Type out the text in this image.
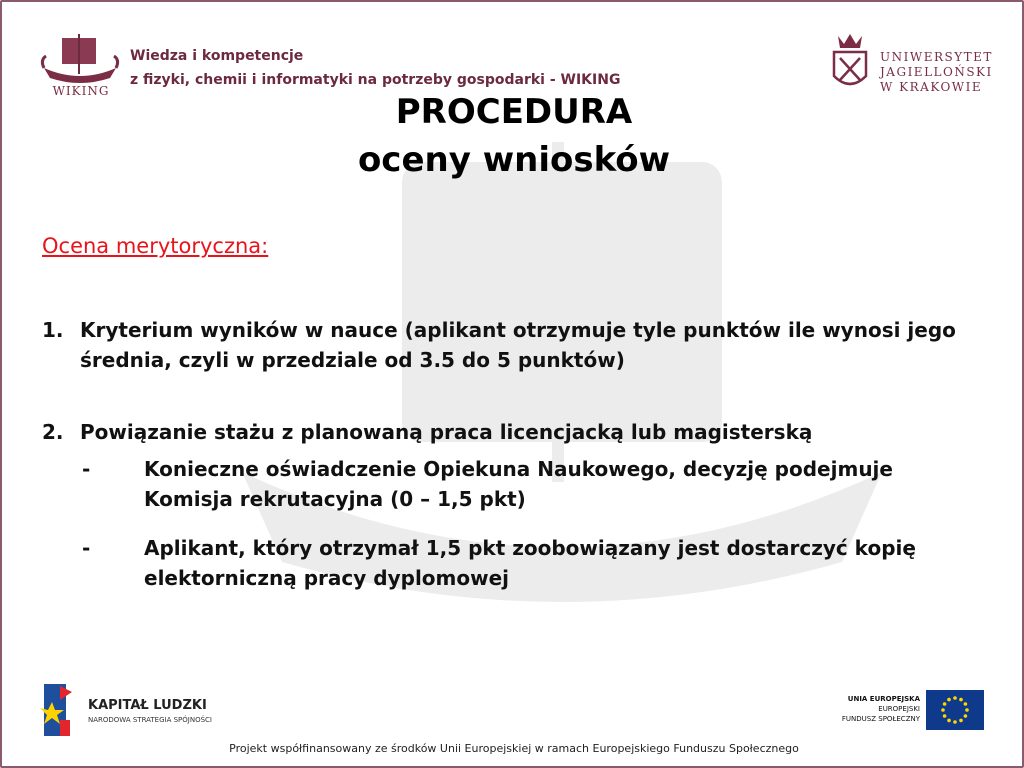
WIKING
Wiedza i kompetencje
z fizyki, chemii i informatyki na potrzeby gospodarki - WIKING
UNIWERSYTET
JAGIELLOŃSKI
W KRAKOWIE
PROCEDURA
oceny wniosków
Ocena merytoryczna:
1. Kryterium wyników w nauce (aplikant otrzymuje tyle punktów ile wynosi jego średnia, czyli w przedziale od 3.5 do 5 punktów)
2. Powiązanie stażu z planowaną praca licencjacką lub magisterską
-	Konieczne oświadczenie Opiekuna Naukowego, decyzję podejmuje Komisja rekrutacyjna (0 – 1,5 pkt)
-	Aplikant, który otrzymał 1,5 pkt zoobowiązany jest dostarczyć kopię elektorniczną pracy dyplomowej
KAPITAŁ LUDZKI
NARODOWA STRATEGIA SPÓJNOŚCI
UNIA EUROPEJSKA
EUROPEJSKI
FUNDUSZ SPOŁECZNY
Projekt współfinansowany ze środków Unii Europejskiej w ramach Europejskiego Funduszu Społecznego
